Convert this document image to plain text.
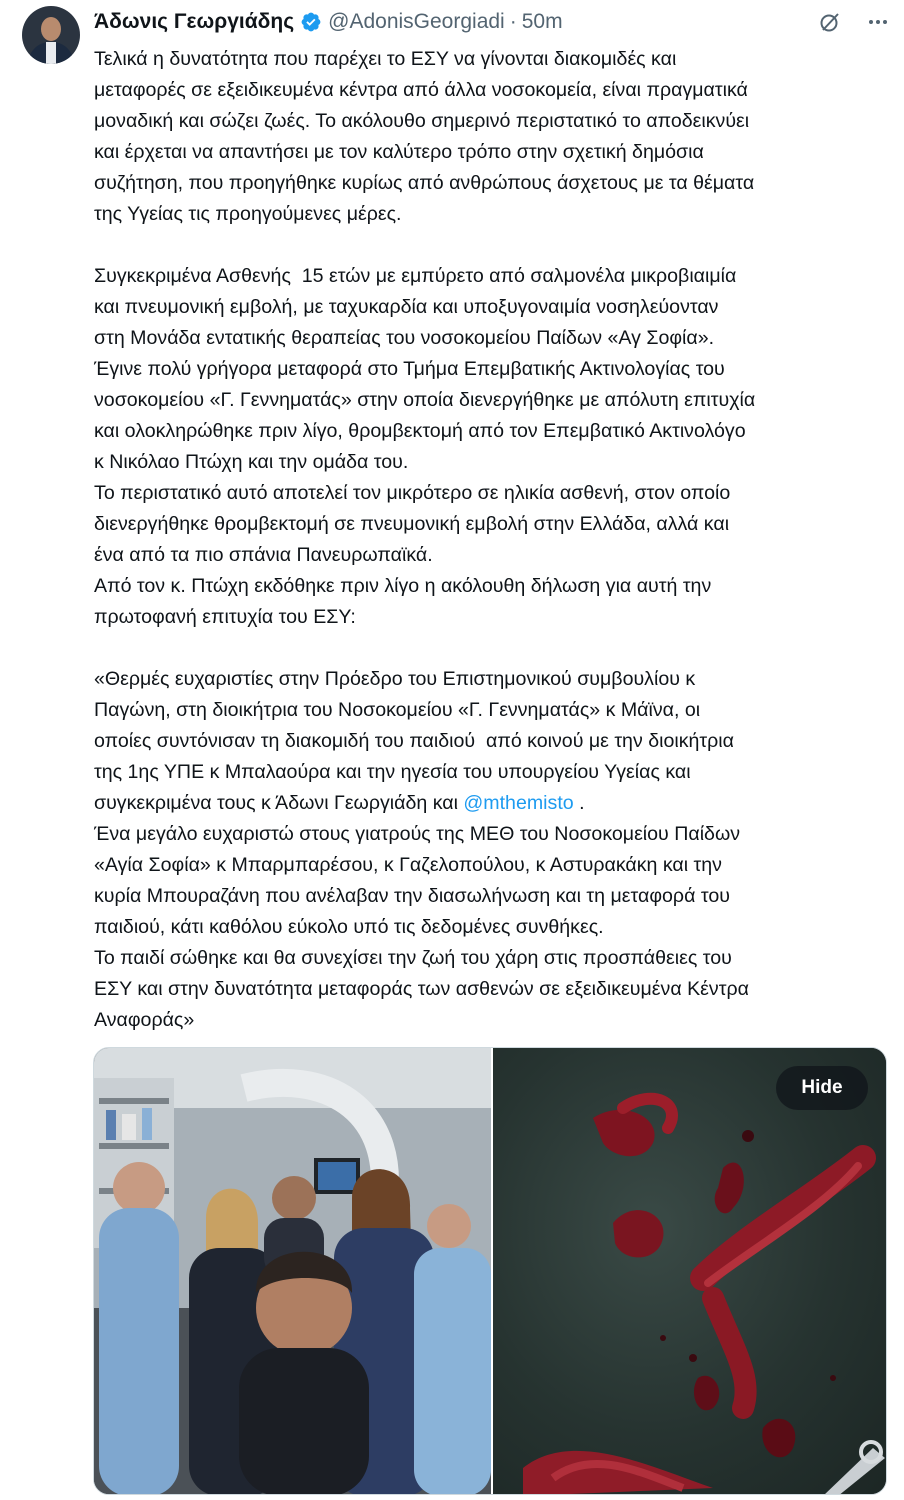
Άδωνις Γεωργιάδης @AdonisGeorgiadi · 50m

Τελικά η δυνατότητα που παρέχει το ΕΣΥ να γίνονται διακομιδές και

μεταφορές σε εξειδικευμένα κέντρα από άλλα νοσοκομεία, είναι πραγματικά

μοναδική και σώζει ζωές. Το ακόλουθο σημερινό περιστατικό το αποδεικνύει

και έρχεται να απαντήσει με τον καλύτερο τρόπο στην σχετική δημόσια

συζήτηση, που προηγήθηκε κυρίως από ανθρώπους άσχετους με τα θέματα

της Υγείας τις προηγούμενες μέρες.

Συγκεκριμένα Ασθενής  15 ετών με εμπύρετο από σαλμονέλα μικροβιαιμία

και πνευμονική εμβολή, με ταχυκαρδία και υποξυγοναιμία νοσηλεύονταν

στη Μονάδα εντατικής θεραπείας του νοσοκομείου Παίδων «Αγ Σοφία».

Έγινε πολύ γρήγορα μεταφορά στο Τμήμα Επεμβατικής Ακτινολογίας του

νοσοκομείου «Γ. Γεννηματάς» στην οποία διενεργήθηκε με απόλυτη επιτυχία

και ολοκληρώθηκε πριν λίγο, θρομβεκτομή από τον Επεμβατικό Ακτινολόγο

κ Νικόλαο Πτώχη και την ομάδα του.

Το περιστατικό αυτό αποτελεί τον μικρότερο σε ηλικία ασθενή, στον οποίο

διενεργήθηκε θρομβεκτομή σε πνευμονική εμβολή στην Ελλάδα, αλλά και

ένα από τα πιο σπάνια Πανευρωπαϊκά.

Από τον κ. Πτώχη εκδόθηκε πριν λίγο η ακόλουθη δήλωση για αυτή την

πρωτοφανή επιτυχία του ΕΣΥ:

«Θερμές ευχαριστίες στην Πρόεδρο του Επιστημονικού συμβουλίου κ

Παγώνη, στη διοικήτρια του Νοσοκομείου «Γ. Γεννηματάς» κ Μάϊνα, οι

οποίες συντόνισαν τη διακομιδή του παιδιού  από κοινού με την διοικήτρια

της 1ης ΥΠΕ κ Μπαλαούρα και την ηγεσία του υπουργείου Υγείας και

συγκεκριμένα τους κ Άδωνι Γεωργιάδη και @mthemisto .

Ένα μεγάλο ευχαριστώ στους γιατρούς της ΜΕΘ του Νοσοκομείου Παίδων

«Αγία Σοφία» κ Μπαρμπαρέσου, κ Γαζελοπούλου, κ Αστυρακάκη και την

κυρία Μπουραζάνη που ανέλαβαν την διασωλήνωση και τη μεταφορά του

παιδιού, κάτι καθόλου εύκολο υπό τις δεδομένες συνθήκες.

Το παιδί σώθηκε και θα συνεχίσει την ζωή του χάρη στις προσπάθειες του

ΕΣΥ και στην δυνατότητα μεταφοράς των ασθενών σε εξειδικευμένα Κέντρα

Αναφοράς»

Hide
